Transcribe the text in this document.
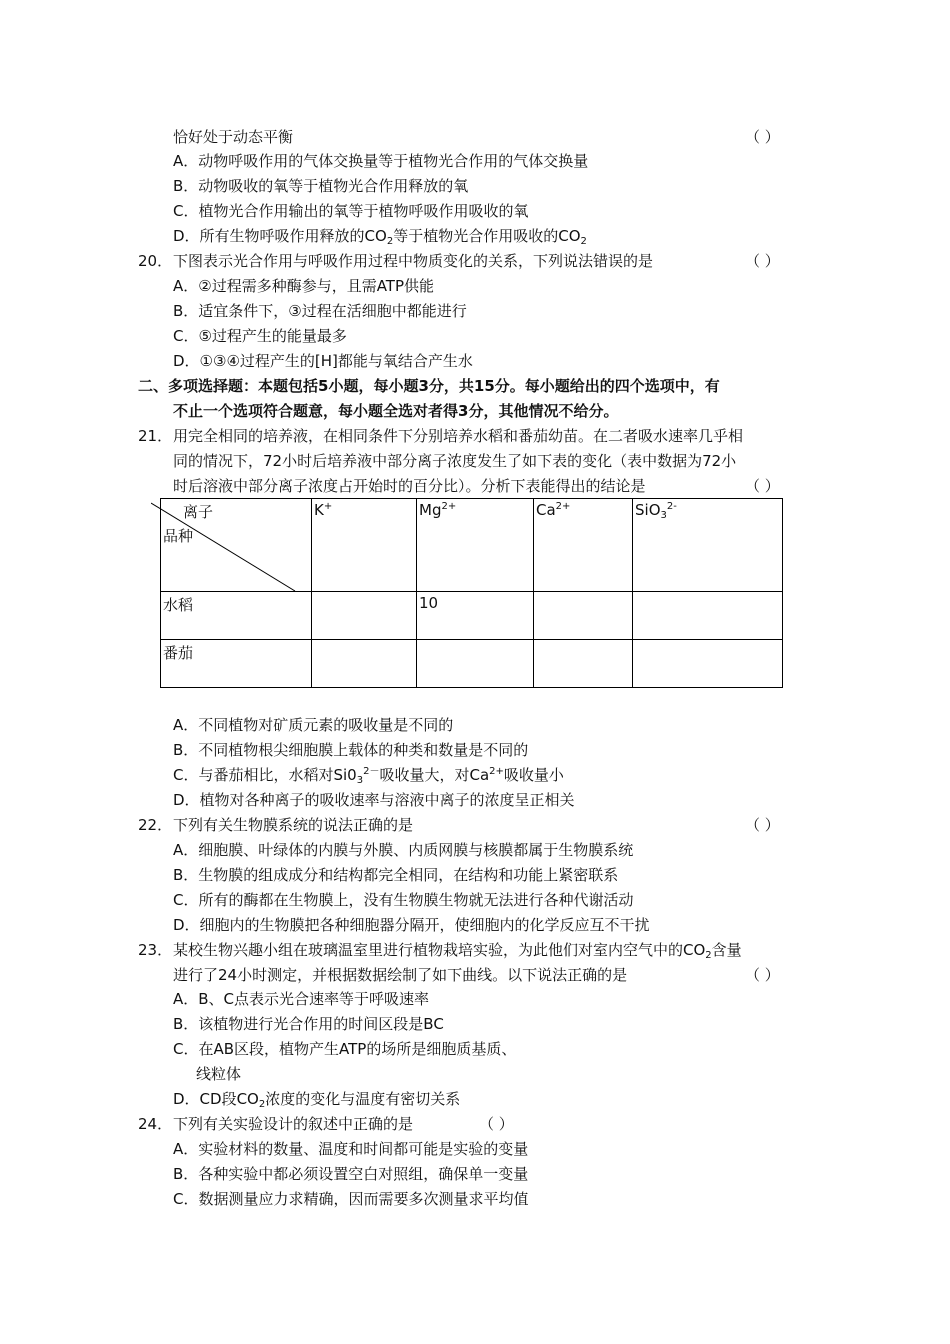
恰好处于动态平衡	（ ）
A．动物呼吸作用的气体交换量等于植物光合作用的气体交换量
B．动物吸收的氧等于植物光合作用释放的氧
C．植物光合作用输出的氧等于植物呼吸作用吸收的氧
D．所有生物呼吸作用释放的$CO_2$等于植物光合作用吸收的$CO_2$
20． 下图表示光合作用与呼吸作用过程中物质变化的关系，下列说法错误的是	（ ）
A．②过程需多种酶参与，且需ATP供能
B．适宜条件下，③过程在活细胞中都能进行
C．⑤过程产生的能量最多
D．①③④过程产生的[H]都能与氧结合产生水
二、多项选择题：本题包括5小题，每小题3分，共15分。每小题给出的四个选项中，有
不止一个选项符合题意，每小题全选对者得3分，其他情况不给分。
21． 用完全相同的培养液，在相同条件下分别培养水稻和番茄幼苗。在二者吸水速率几乎相
同的情况下，72小时后培养液中部分离子浓度发生了如下表的变化（表中数据为72小
时后溶液中部分离子浓度占开始时的百分比）。分析下表能得出的结论是	（ ）
离子
品种	K+	$Mg^{2+}$	$Ca^{2+}$	SiO$_3^{2-}$
水稻		10		
番茄				
A．不同植物对矿质元素的吸收量是不同的
B．不同植物根尖细胞膜上载体的种类和数量是不同的
C．与番茄相比，水稻对$Si0_3^{2-}$吸收量大，对$Ca^{2+}$吸收量小
D．植物对各种离子的吸收速率与溶液中离子的浓度呈正相关
22． 下列有关生物膜系统的说法正确的是	（ ）
A．细胞膜、叶绿体的内膜与外膜、内质网膜与核膜都属于生物膜系统
B．生物膜的组成成分和结构都完全相同，在结构和功能上紧密联系
C．所有的酶都在生物膜上，没有生物膜生物就无法进行各种代谢活动
D．细胞内的生物膜把各种细胞器分隔开，使细胞内的化学反应互不干扰
23． 某校生物兴趣小组在玻璃温室里进行植物栽培实验，为此他们对室内空气中的$CO_2$含量
进行了24小时测定，并根据数据绘制了如下曲线。以下说法正确的是	（ ）
A．B、C点表示光合速率等于呼吸速率
B．该植物进行光合作用的时间区段是BC
C．在AB区段，植物产生ATP的场所是细胞质基质、
线粒体
D．CD段$CO_2$浓度的变化与温度有密切关系
24． 下列有关实验设计的叙述中正确的是	（ ）
A．实验材料的数量、温度和时间都可能是实验的变量
B．各种实验中都必须设置空白对照组，确保单一变量
C．数据测量应力求精确，因而需要多次测量求平均值
